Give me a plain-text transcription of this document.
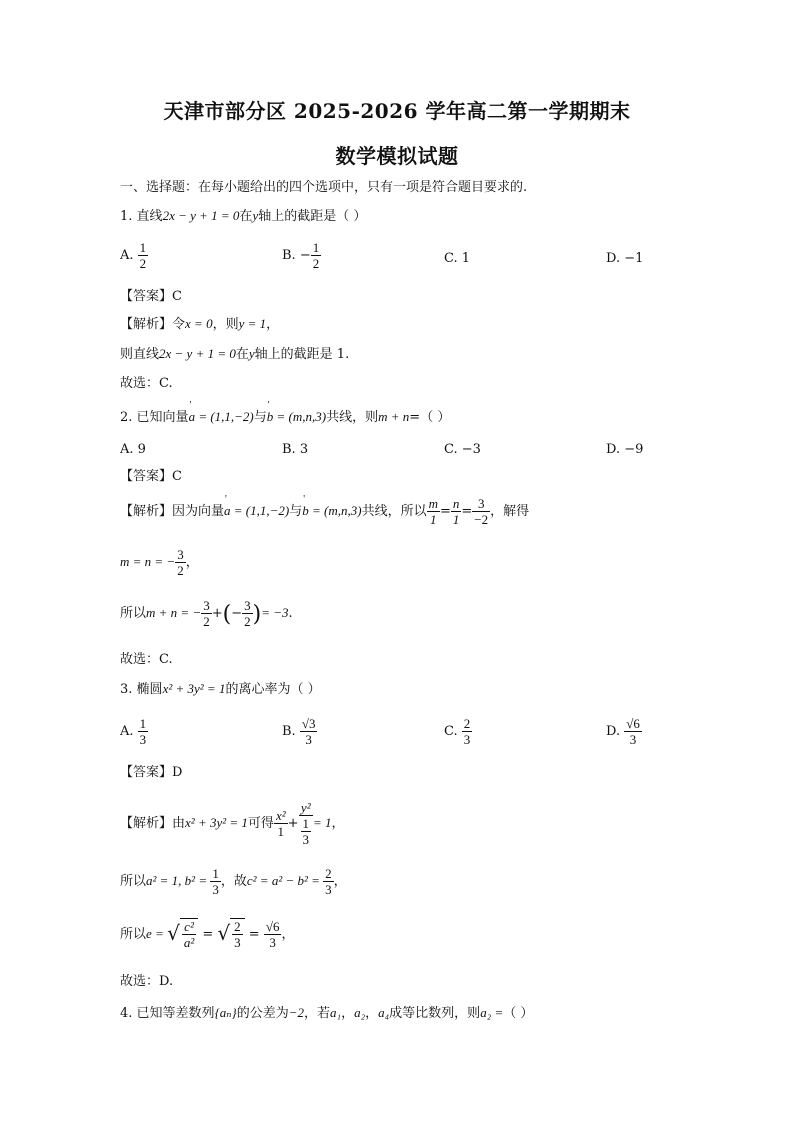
天津市部分区 2025-2026 学年高二第一学期期末
数学模拟试题
一、选择题：在每小题给出的四个选项中，只有一项是符合题目要求的.
1. 直线2x − y + 1 = 0在y轴上的截距是（ ）
A. $\frac{1}{2}$	B. − $\frac{1}{2}$	C. 1	D. −1
【答案】C
【解析】令x = 0，则y = 1，
则直线2x − y + 1 = 0在y轴上的截距是 1.
故选：C.
2. 已知向量' a = (1,1,−2)与' b = (m,n,3)共线，则m + n=（ ）
A. 9	B. 3	C. −3	D. −9
【答案】C
【解析】因为向量' a = (1,1,−2)与' b = (m,n,3)共线，所以 $\frac{m}{1} = \frac{n}{1} = \frac{3}{-2}$ ，解得
m = n = − $\frac{3}{2}$ ，
所以m + n = − $\frac{3}{2}$ +(− $\frac{3}{2}$ )= −3.
故选：C.
3. 椭圆x² + 3y² = 1的离心率为（ ）
A. $\frac{1}{3}$	B. $\frac{√3}{3}$	C. $\frac{2}{3}$	D. $\frac{√6}{3}$
【答案】D
【解析】由x² + 3y² = 1可得 $\frac{\text{x²}}{1} + \frac{\text{y²}}{\frac{1}{3}} = 1$，
所以a² = 1, $b^2 = \frac{1}{3}$ ，故$c^2 = a^2 - b^2 = \frac{2}{3}$ ，
所以e = √ $\frac{\text{c²}}{\text{a²}}$ = √ $\frac{2}{3} = \frac{√6}{3}$ ，
故选：D.
4. 已知等差数列{aₙ}的公差为−2，若a₁，a₂，a₄成等比数列，则a₂ =（ ）
